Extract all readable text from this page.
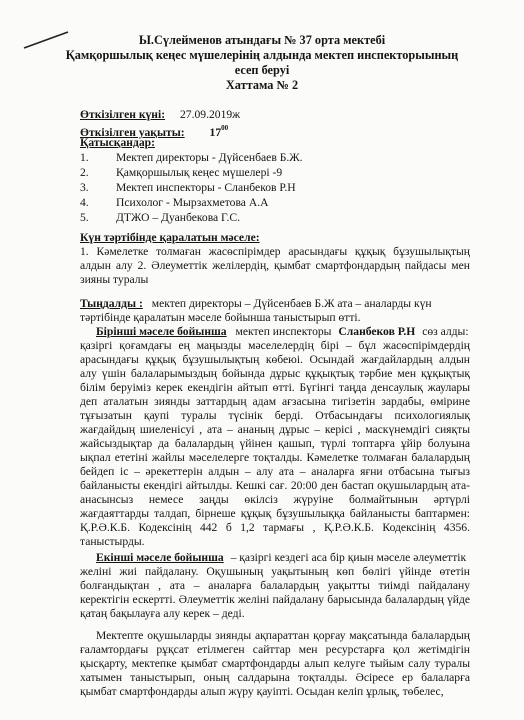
Ы.Сүлейменов атындағы № 37 орта мектебі
Қамқоршылық кеңес мүшелерінің алдында мектеп инспекторыының
есеп беруі
Хаттама № 2
Өткізілген күні: 27.09.2019ж
Өткізілген уақыты: $17^{00}$
Қатысқандар:
1. Мектеп директоры - Дүйсенбаев Б.Ж.
2. Қамқоршылық кеңес мүшелері -9
3. Мектеп инспекторы - Сланбеков Р.Н
4. Психолог - Мырзахметова А.А
5. ДТЖО – Дуанбекова Г.С.
Күн тәртібінде қаралатын мәселе:
1. Кәмелетке толмаған жасөспірімдер арасындағы құқық бұзушылықтың
алдын алу 2. Әлеуметтік желілердің, қымбат смартфондардың пайдасы мен
зияны туралы
Тыңдалды : мектеп директоры – Дүйсенбаев Б.Ж ата – аналарды күн
тәртібінде қаралатын мәселе бойынша таныстырып өтті.
Бірінші мәселе бойынша мектеп инспекторы Сланбеков Р.Н сөз алды:
қазіргі қоғамдағы ең маңызды мәселелердің бірі – бұл жасөспірімдердің
арасындағы құқық бұзушылықтың көбеюі. Осындай жағдайлардың алдын
алу үшін балаларымыздың бойында дұрыс құқықтық тәрбие мен құқықтық
білім беруіміз керек екендігін айтып өтті. Бүгінгі таңда денсаулық жаулары
деп аталатын зиянды заттардың адам ағзасына тигізетін зардабы, өмірине
тұғызатын қаупі туралы түсінік берді. Отбасындағы психологиялық
жағдайдың шиеленісуі , ата – ананың дұрыс – керісі , маскүнемдігі сияқты
жайсыздықтар да балалардың үйінен қашып, түрлі топтарға ұйір болуына
ықпал ететіні жайлы мәселелерге тоқталды. Кәмелетке толмаған балалардың
бейдеп іс – әрекеттерін алдын – алу ата – аналарға яғни отбасына тығыз
байланысты екендігі айтылды. Кешкі сағ. 20:00 ден бастап оқушылардың ата-
анасынсыз немесе заңды өкілсіз жүруіне болмайтынын әртүрлі
жағдаяттарды талдап, бірнеше құқық бұзушылыққа байланысты баптармен:
Қ.Р.Ә.К.Б. Кодексінің 442 б 1,2 тармағы , Қ.Р.Ә.К.Б. Кодексінің 4356.
таныстырды.
Екінші мәселе бойынша – қазіргі кездегі аса бір қиын мәселе әлеуметтік
желіні жиі пайдалану. Оқушының уақытының көп бөлігі үйінде өтетін
болғандықтан , ата – аналарға балалардың уақытты тиімді пайдалану
керектігін ескертті. Әлеуметтік желіні пайдалану барысында балалардың үйде
қатаң бақылауға алу керек – деді.
Мектепте оқушыларды зиянды ақпараттан қорғау мақсатында балалардың
ғаламтордағы рұқсат етілмеген сайттар мен ресурстарға қол жетімдігін
қысқарту, мектепке қымбат смартфондарды алып келуге тыйым салу туралы
хатымен таныстырып, оның салдарына тоқталды. Әсіресе ер балаларға
қымбат смартфондарды алып жүру қауіпті. Осыдан келіп ұрлық, төбелес,
